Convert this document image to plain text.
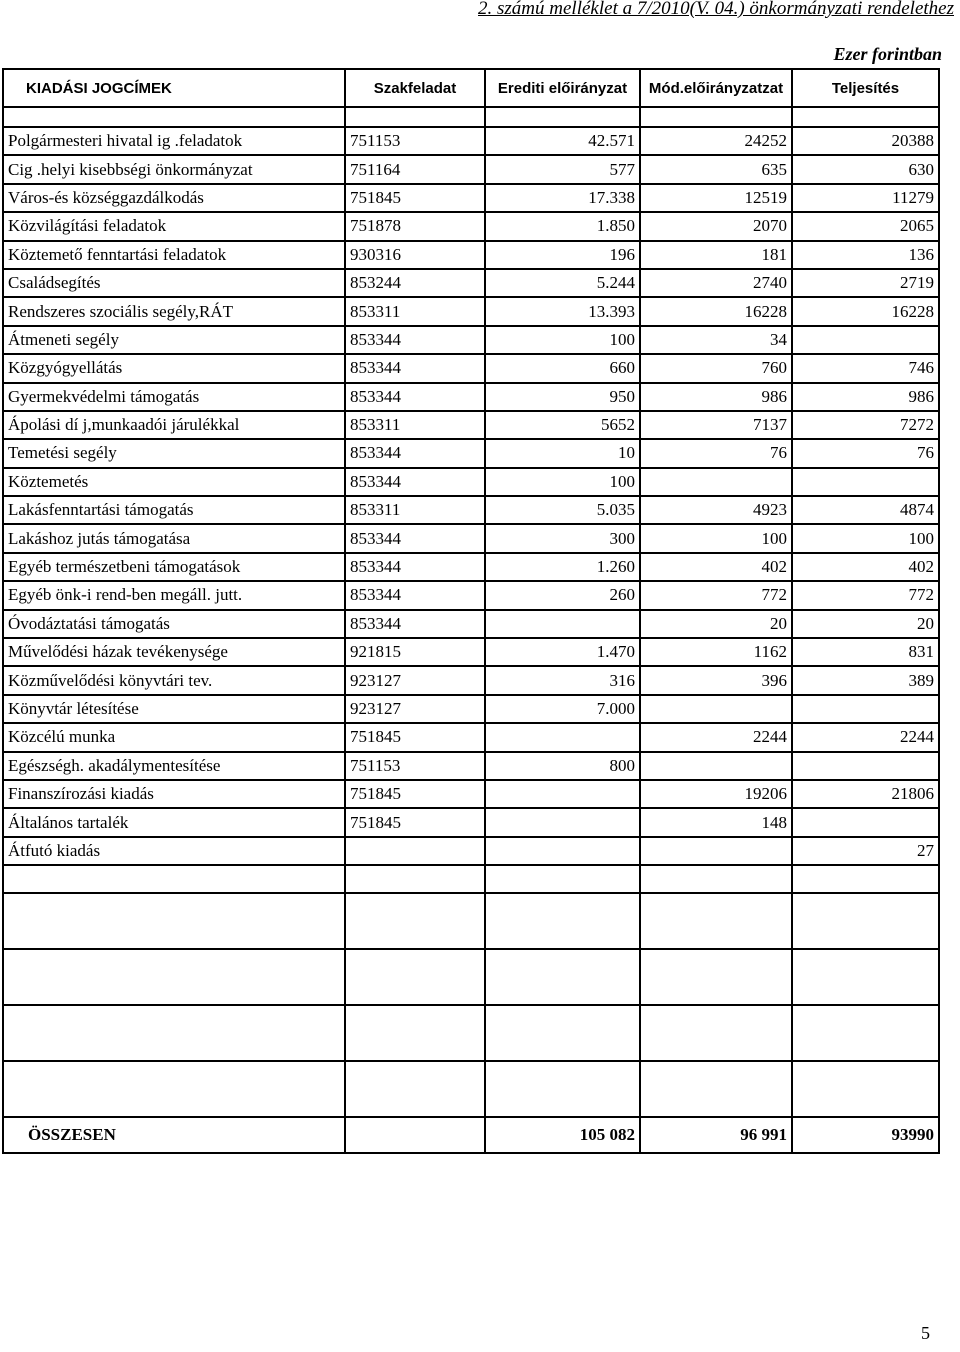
2. számú melléklet a 7/2010(V. 04.) önkormányzati rendelethez
Ezer forintban
KIADÁSI JOGCÍMEK	Szakfeladat	Erediti előirányzat	Mód.előirányzatzat	Teljesítés

Polgármesteri hivatal ig .feladatok	751153	42.571	24252	20388
Cig .helyi kisebbségi önkormányzat	751164	577	635	630
Város-és községgazdálkodás	751845	17.338	12519	11279
Közvilágítási feladatok	751878	1.850	2070	2065
Köztemető fenntartási feladatok	930316	196	181	136
Családsegítés	853244	5.244	2740	2719
Rendszeres szociális segély,RÁT	853311	13.393	16228	16228
Átmeneti segély	853344	100	34	
Közgyógyellátás	853344	660	760	746
Gyermekvédelmi támogatás	853344	950	986	986
Ápolási dí j,munkaadói járulékkal	853311	5652	7137	7272
Temetési segély	853344	10	76	76
Köztemetés	853344	100		
Lakásfenntartási támogatás	853311	5.035	4923	4874
Lakáshoz jutás támogatása	853344	300	100	100
Egyéb természetbeni támogatások	853344	1.260	402	402
Egyéb önk-i rend-ben megáll. jutt.	853344	260	772	772
Óvodáztatási támogatás	853344		20	20
Művelődési házak tevékenysége	921815	1.470	1162	831
Közművelődési könyvtári tev.	923127	316	396	389
Könyvtár létesítése	923127	7.000		
Közcélú munka	751845		2244	2244
Egészségh. akadálymentesítése	751153	800		
Finanszírozási kiadás	751845		19206	21806
Általános tartalék	751845		148	
Átfutó kiadás				27

ÖSSZESEN		105 082	96 991	93990
5
